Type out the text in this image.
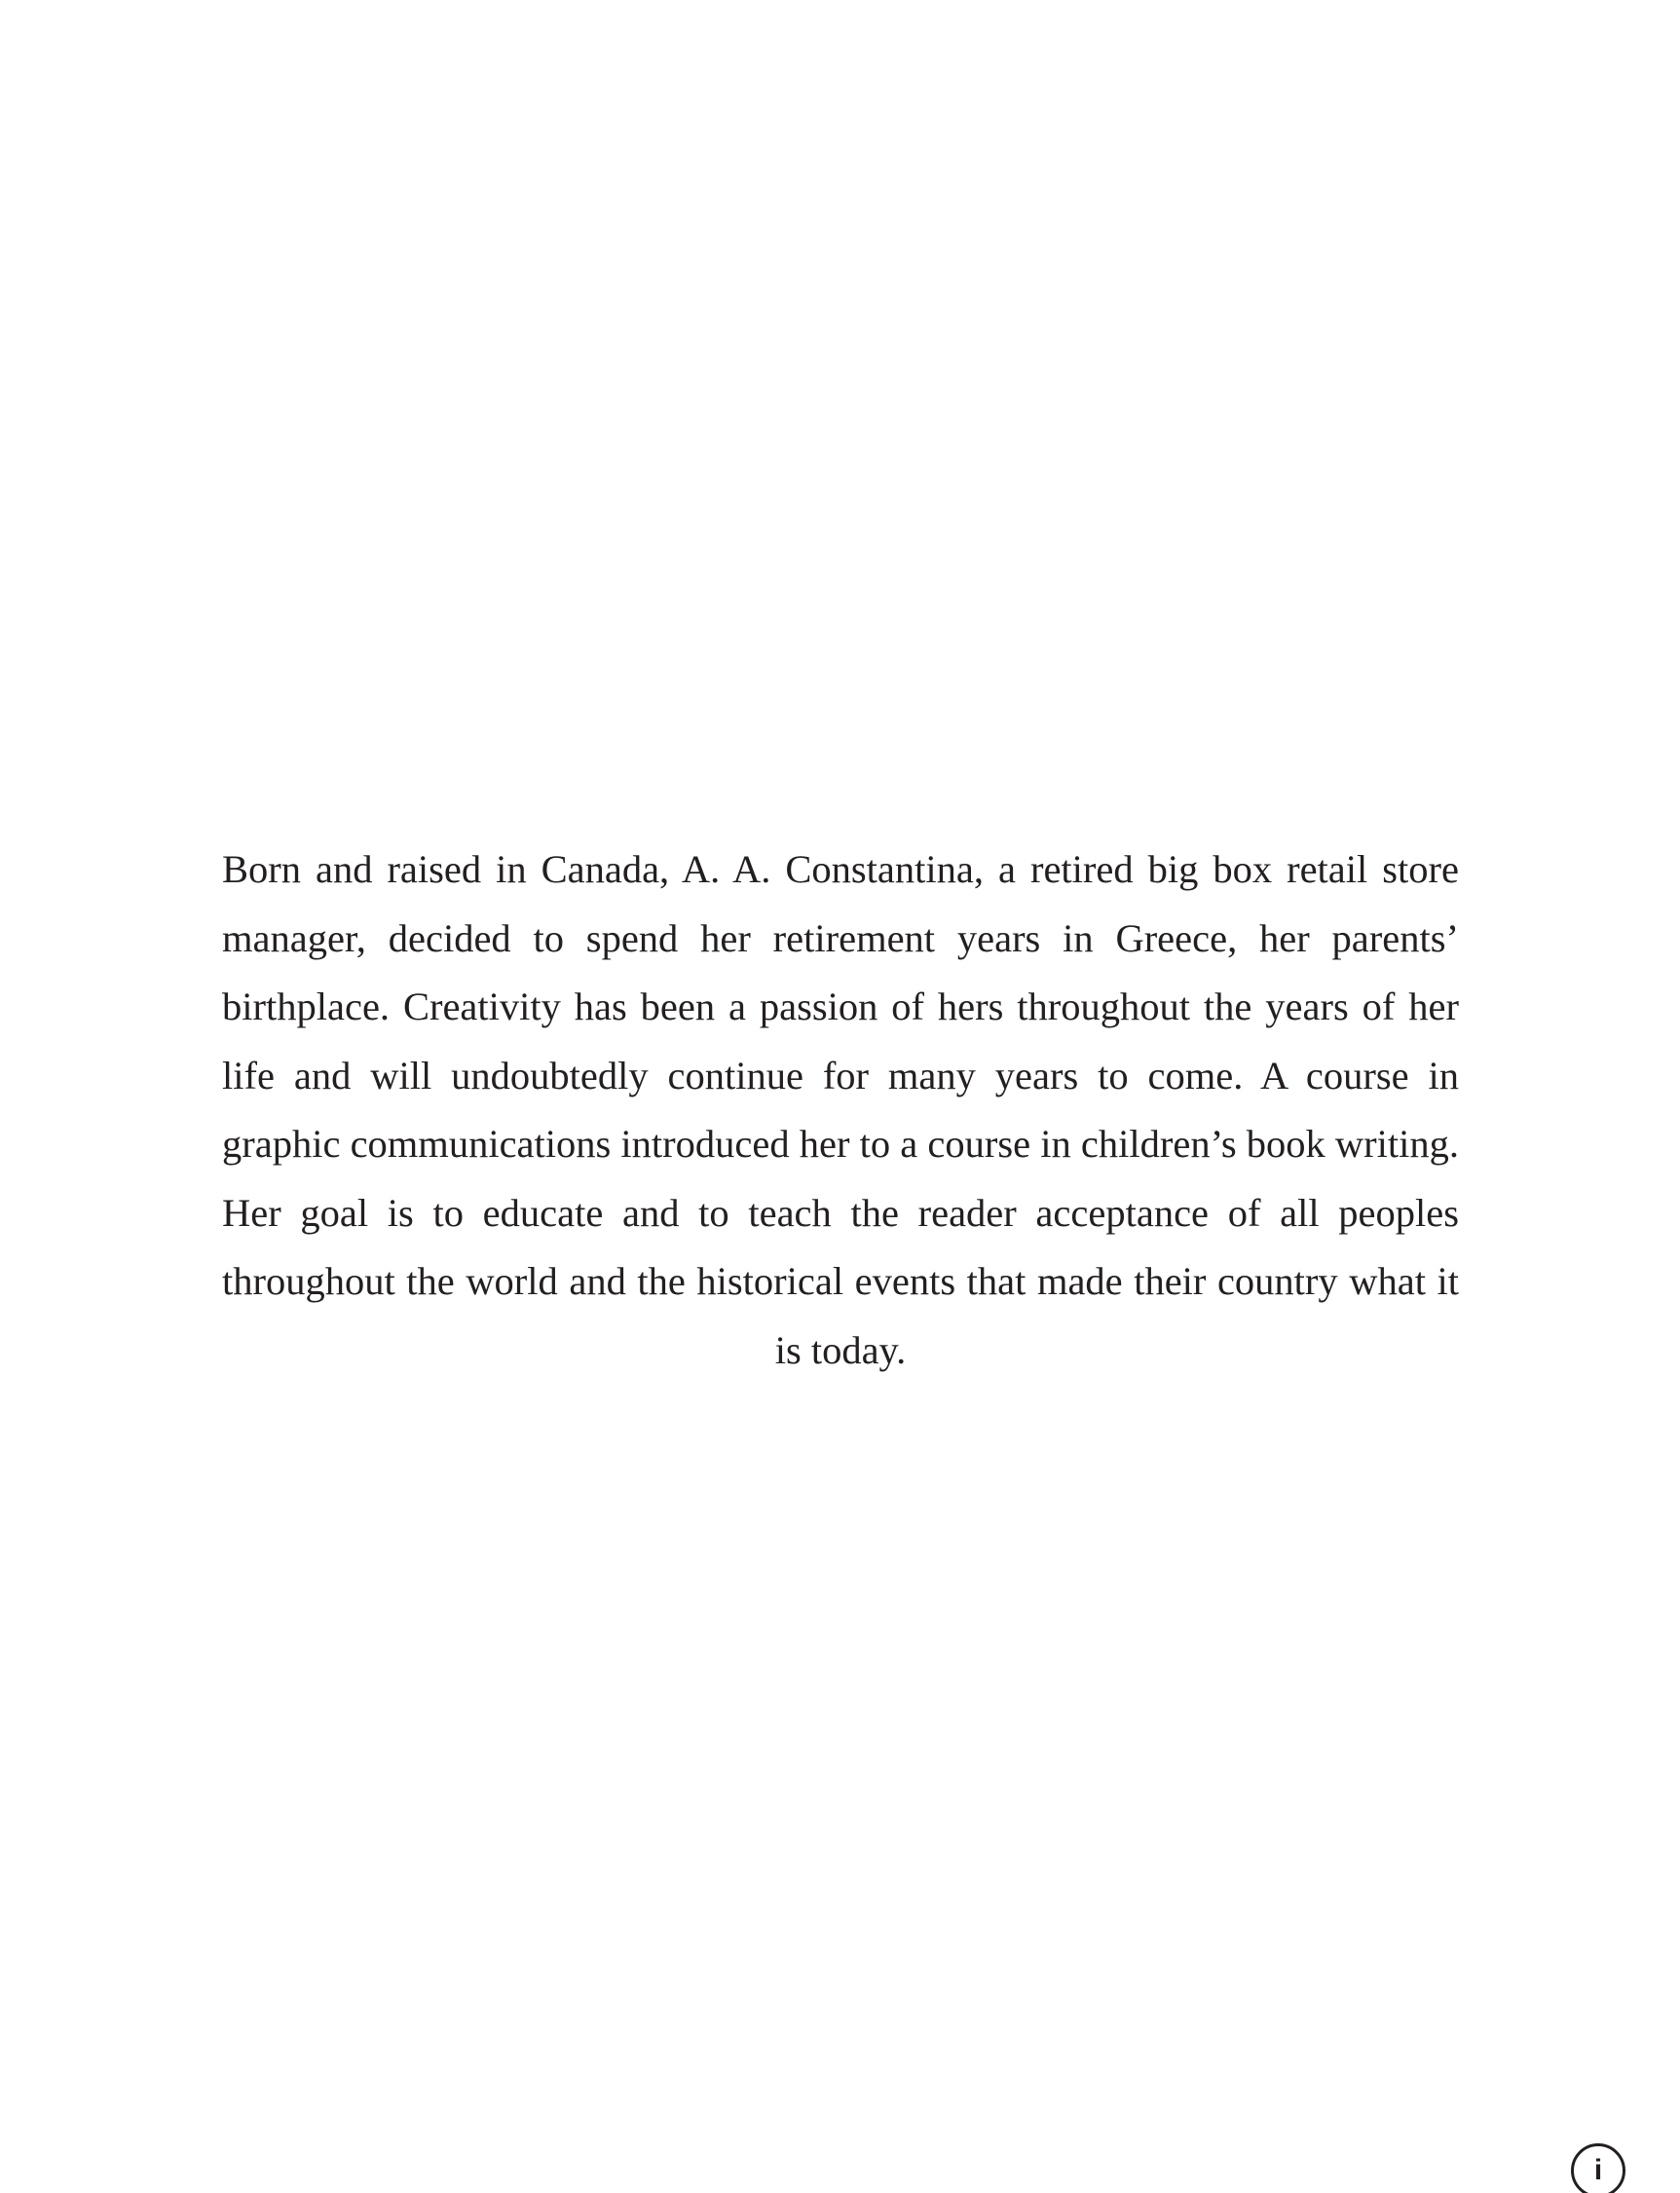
Born and raised in Canada, A. A. Constantina, a retired big box retail store manager, decided to spend her retirement years in Greece, her parents’ birthplace. Creativity has been a passion of hers throughout the years of her life and will undoubtedly continue for many years to come. A course in graphic communications introduced her to a course in children’s book writing. Her goal is to educate and to teach the reader acceptance of all peoples throughout the world and the historical events that made their country what it is today.

i
